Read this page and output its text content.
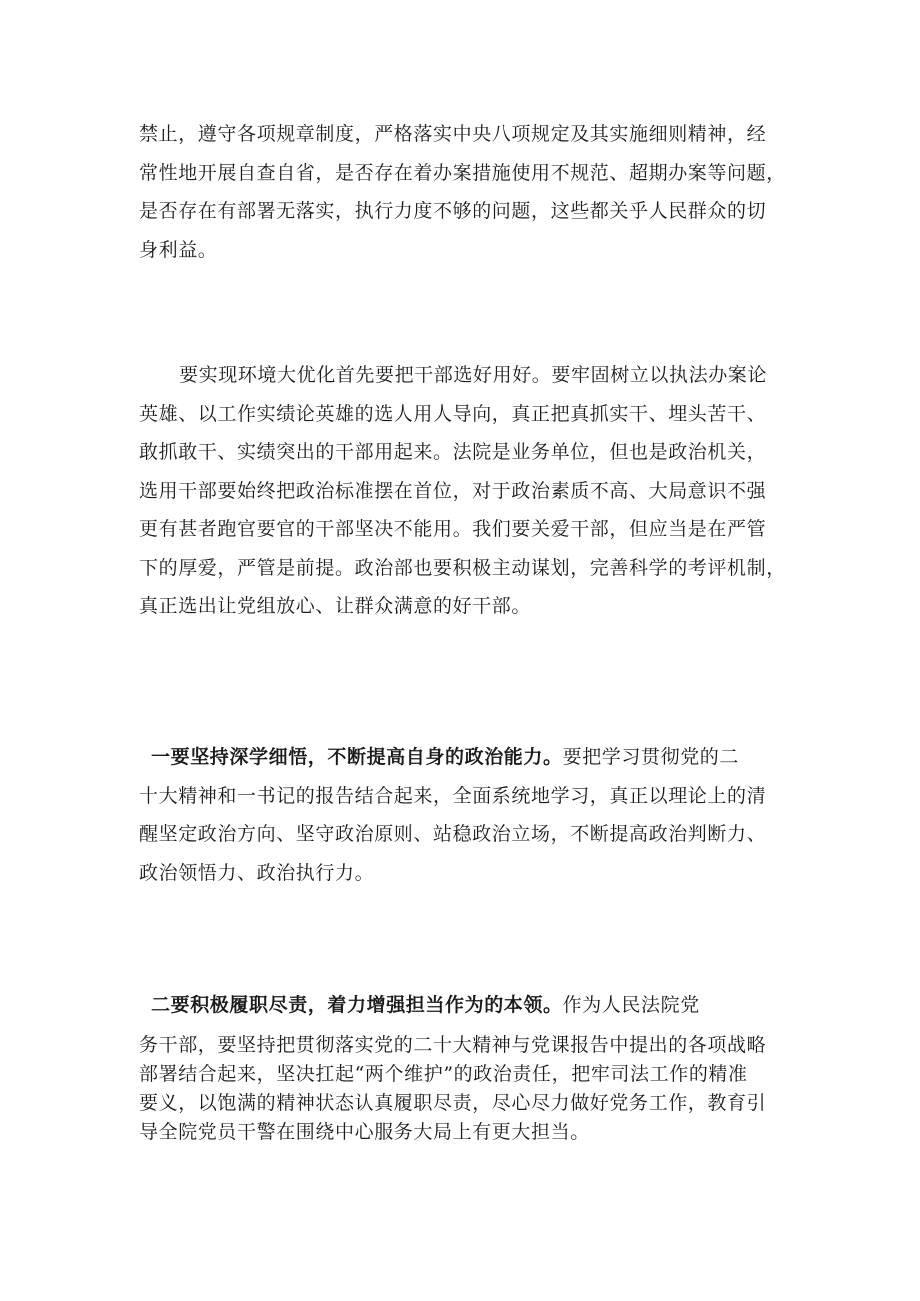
禁止，遵守各项规章制度，严格落实中央八项规定及其实施细则精神，经
常性地开展自查自省，是否存在着办案措施使用不规范、超期办案等问题，
是否存在有部署无落实，执行力度不够的问题，这些都关乎人民群众的切
身利益。
要实现环境大优化首先要把干部选好用好。要牢固树立以执法办案论
英雄、以工作实绩论英雄的选人用人导向，真正把真抓实干、埋头苦干、
敢抓敢干、实绩突出的干部用起来。法院是业务单位，但也是政治机关，
选用干部要始终把政治标准摆在首位，对于政治素质不高、大局意识不强
更有甚者跑官要官的干部坚决不能用。我们要关爱干部，但应当是在严管
下的厚爱，严管是前提。政治部也要积极主动谋划，完善科学的考评机制，
真正选出让党组放心、让群众满意的好干部。
一要坚持深学细悟，不断提高自身的政治能力。要把学习贯彻党的二
十大精神和一书记的报告结合起来，全面系统地学习，真正以理论上的清
醒坚定政治方向、坚守政治原则、站稳政治立场，不断提高政治判断力、
政治领悟力、政治执行力。
二要积极履职尽责，着力增强担当作为的本领。作为人民法院党
务干部，要坚持把贯彻落实党的二十大精神与党课报告中提出的各项战略
部署结合起来，坚决扛起“两个维护”的政治责任，把牢司法工作的精准
要义，以饱满的精神状态认真履职尽责，尽心尽力做好党务工作，教育引
导全院党员干警在围绕中心服务大局上有更大担当。
